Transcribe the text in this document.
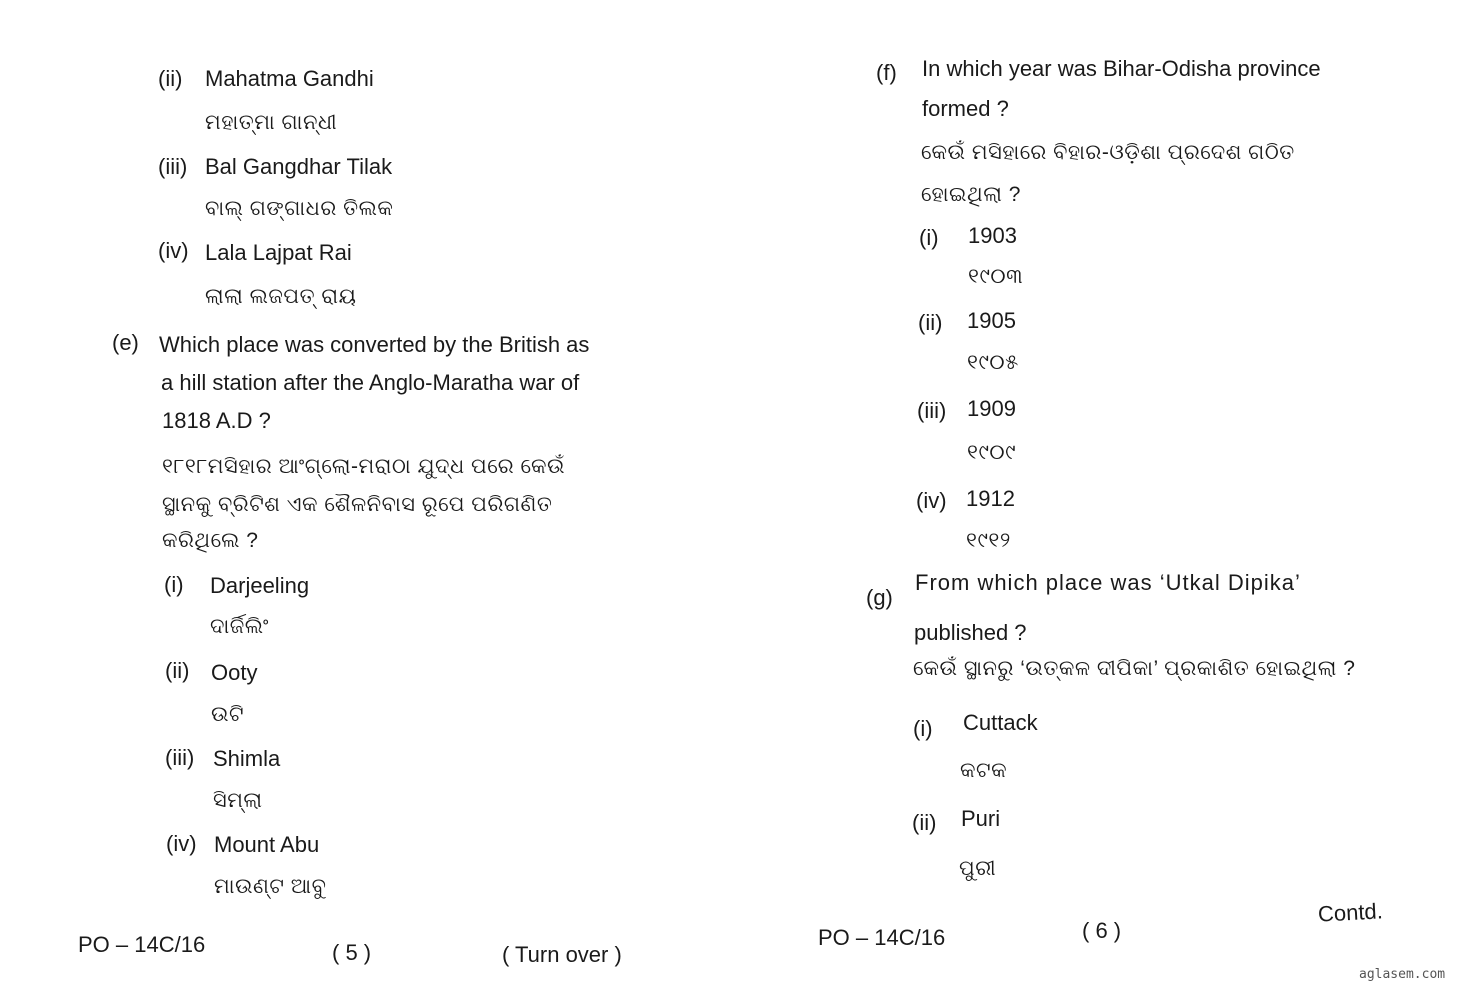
(ii) Mahatma Gandhi
ମହାତ୍ମା ଗାନ୍ଧୀ
(iii) Bal Gangdhar Tilak
ବାଲ୍ ଗଙ୍ଗାଧର ତିଲକ
(iv) Lala Lajpat Rai
ଲାଲା ଲଜପତ୍ ରାୟ
(e) Which place was converted by the British as
a hill station after the Anglo-Maratha war of
1818 A.D ?
୧୮୧୮ମସିହାର ଆଂଗ୍ଲୋ-ମରାଠା ଯୁଦ୍ଧ ପରେ କେଉଁ
ସ୍ଥାନକୁ ବ୍ରିଟିଶ ଏକ ଶୈଳନିବାସ ରୂପେ ପରିଗଣିତ
କରିଥିଲେ ?
(i) Darjeeling
ଦାର୍ଜିଲିଂ
(ii) Ooty
ଉଟି
(iii) Shimla
ସିମ୍ଲା
(iv) Mount Abu
ମାଉଣ୍ଟ ଆବୁ
PO – 14C/16	( 5 )	( Turn over )
(f) In which year was Bihar-Odisha province
formed ?
କେଉଁ ମସିହାରେ ବିହାର-ଓଡ଼ିଶା ପ୍ରଦେଶ ଗଠିତ
ହୋଇଥିଲା ?
(i) 1903
୧୯୦୩
(ii) 1905
୧୯୦୫
(iii) 1909
୧୯୦୯
(iv) 1912
୧୯୧୨
(g)
From which place was ‘Utkal Dipika’
published ?
କେଉଁ ସ୍ଥାନରୁ ‘ଉତ୍କଳ ଦୀପିକା’ ପ୍ରକାଶିତ ହୋଇଥିଲା ?
(i) Cuttack
କଟକ
(ii) Puri
ପୁରୀ
PO – 14C/16	( 6 )
Contd.
aglasem.com
